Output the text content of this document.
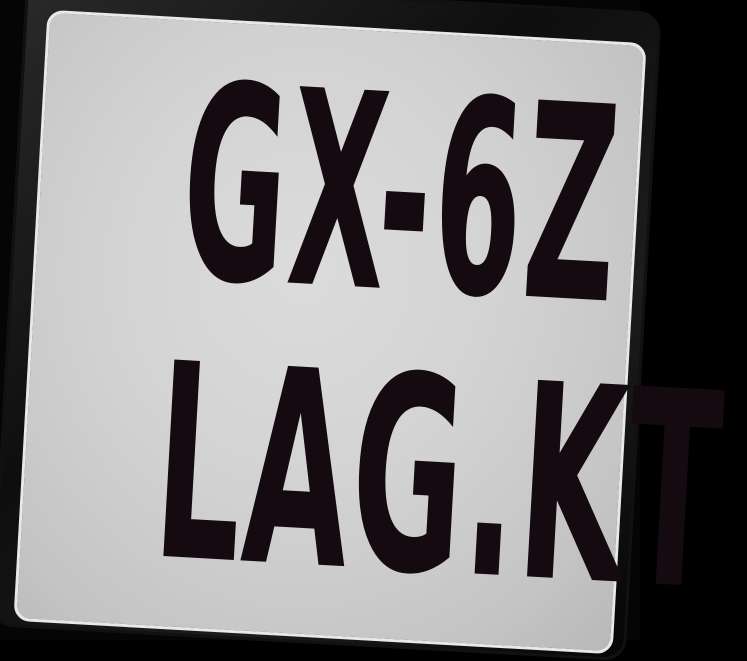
GX-6Z
LAG.KT
